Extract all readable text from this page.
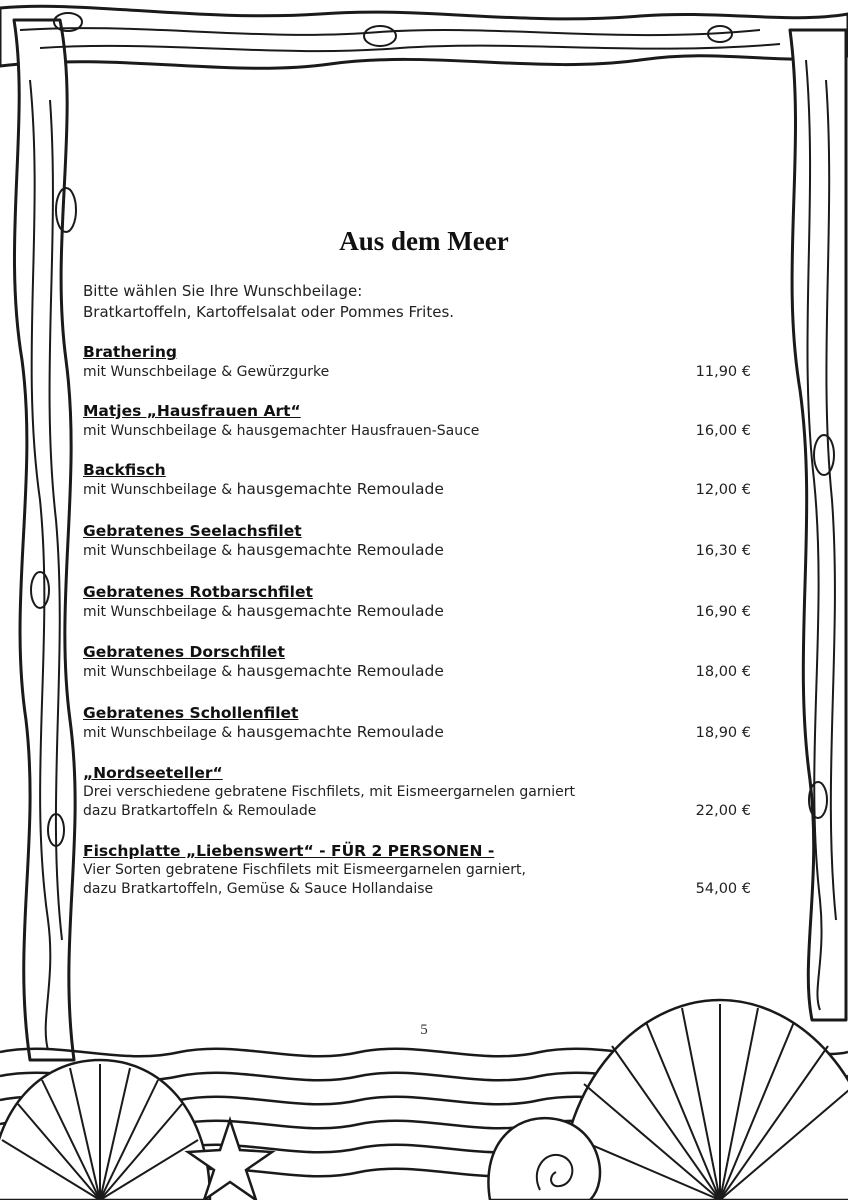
Aus dem Meer
Bitte wählen Sie Ihre Wunschbeilage:
Bratkartoffeln, Kartoffelsalat oder Pommes Frites.
Brathering
mit Wunschbeilage & Gewürzgurke	11,90 €
Matjes „Hausfrauen Art“
mit Wunschbeilage & hausgemachter Hausfrauen-Sauce	16,00 €
Backfisch
mit Wunschbeilage & hausgemachte Remoulade	12,00 €
Gebratenes Seelachsfilet
mit Wunschbeilage & hausgemachte Remoulade	16,30 €
Gebratenes Rotbarschfilet
mit Wunschbeilage & hausgemachte Remoulade	16,90 €
Gebratenes Dorschfilet
mit Wunschbeilage & hausgemachte Remoulade	18,00 €
Gebratenes Schollenfilet
mit Wunschbeilage & hausgemachte Remoulade	18,90 €
„Nordseeteller“
Drei verschiedene gebratene Fischfilets, mit Eismeergarnelen garniert
dazu Bratkartoffeln & Remoulade	22,00 €
Fischplatte „Liebenswert“ - FÜR 2 PERSONEN -
Vier Sorten gebratene Fischfilets mit Eismeergarnelen garniert,
dazu Bratkartoffeln, Gemüse & Sauce Hollandaise	54,00 €
5
